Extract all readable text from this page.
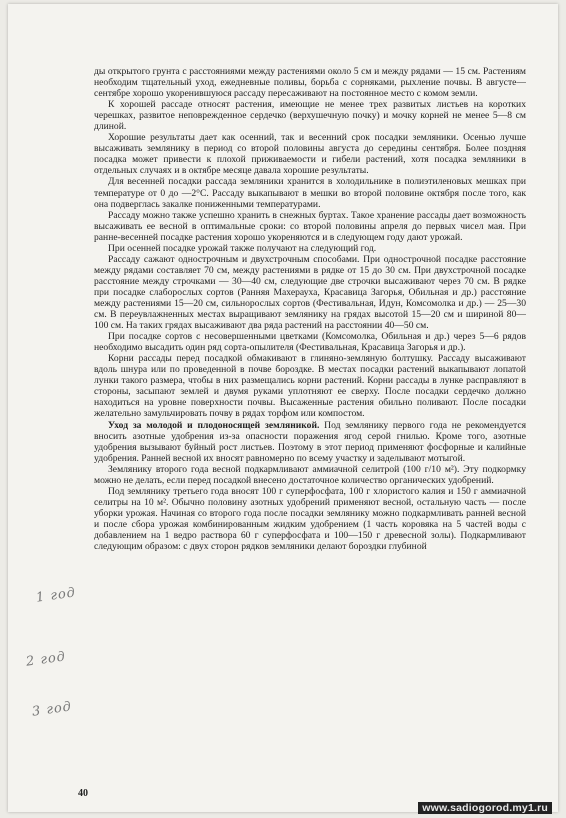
ды открытого грунта с расстояниями между растениями около 5 см и между рядами — 15 см. Растениям необходим тщательный уход, ежедневные поливы, борьба с сорняками, рыхление почвы. В августе—сентябре хорошо укоренившуюся рассаду пересаживают на постоянное место с комом земли.

К хорошей рассаде относят растения, имеющие не менее трех развитых листьев на коротких черешках, развитое неповрежденное сердечко (верхушечную почку) и мочку корней не менее 5—8 см длиной.

Хорошие результаты дает как осенний, так и весенний срок посадки земляники. Осенью лучше высаживать землянику в период со второй половины августа до середины сентября. Более поздняя посадка может привести к плохой приживаемости и гибели растений, хотя посадка земляники в отдельных случаях и в октябре месяце давала хорошие результаты.

Для весенней посадки рассада земляники хранится в холодильнике в полиэтиленовых мешках при температуре от 0 до —2°С. Рассаду выкапывают в мешки во второй половине октября после того, как она подверглась закалке пониженными температурами.

Рассаду можно также успешно хранить в снежных буртах. Такое хранение рассады дает возможность высаживать ее весной в оптимальные сроки: со второй половины апреля до первых чисел мая. При ранне-весенней посадке растения хорошо укореняются и в следующем году дают урожай.

При осенней посадке урожай также получают на следующий год.

Рассаду сажают однострочным и двухстрочным способами. При однострочной посадке расстояние между рядами составляет 70 см, между растениями в рядке от 15 до 30 см. При двухстрочной посадке расстояние между строчками — 30—40 см, следующие две строчки высаживают через 70 см. В рядке при посадке слаборослых сортов (Ранняя Махерауха, Красавица Загорья, Обильная и др.) расстояние между растениями 15—20 см, сильнорослых сортов (Фестивальная, Идун, Комсомолка и др.) — 25—30 см. В переувлажненных местах выращивают землянику на грядах высотой 15—20 см и шириной 80—100 см. На таких грядах высаживают два ряда растений на расстоянии 40—50 см.

При посадке сортов с несовершенными цветками (Комсомолка, Обильная и др.) через 5—6 рядов необходимо высадить один ряд сорта-опылителя (Фестивальная, Красавица Загорья и др.).

Корни рассады перед посадкой обмакивают в глиняно-земляную болтушку. Рассаду высаживают вдоль шнура или по проведенной в почве бороздке. В местах посадки растений выкапывают лопатой лунки такого размера, чтобы в них размещались корни растений. Корни рассады в лунке расправляют в стороны, засыпают землей и двумя руками уплотняют ее сверху. После посадки сердечко должно находиться на уровне поверхности почвы. Высаженные растения обильно поливают. После посадки желательно замульчировать почву в рядах торфом или компостом.

Уход за молодой и плодоносящей земляникой. Под землянику первого года не рекомендуется вносить азотные удобрения из-за опасности поражения ягод серой гнилью. Кроме того, азотные удобрения вызывают буйный рост листьев. Поэтому в этот период применяют фосфорные и калийные удобрения. Ранней весной их вносят равномерно по всему участку и заделывают мотыгой.

Землянику второго года весной подкармливают аммиачной селитрой (100 г/10 м²). Эту подкормку можно не делать, если перед посадкой внесено достаточное количество органических удобрений.

Под землянику третьего года вносят 100 г суперфосфата, 100 г хлористого калия и 150 г аммиачной селитры на 10 м². Обычно половину азотных удобрений применяют весной, остальную часть — после уборки урожая. Начиная со второго года после посадки землянику можно подкармливать ранней весной и после сбора урожая комбинированным жидким удобрением (1 часть коровяка на 5 частей воды с добавлением на 1 ведро раствора 60 г суперфосфата и 100—150 г древесной золы). Подкармливают следующим образом: с двух сторон рядков земляники делают бороздки глубиной

1 год
2 год
3 год
40
www.sadiogorod.my1.ru
